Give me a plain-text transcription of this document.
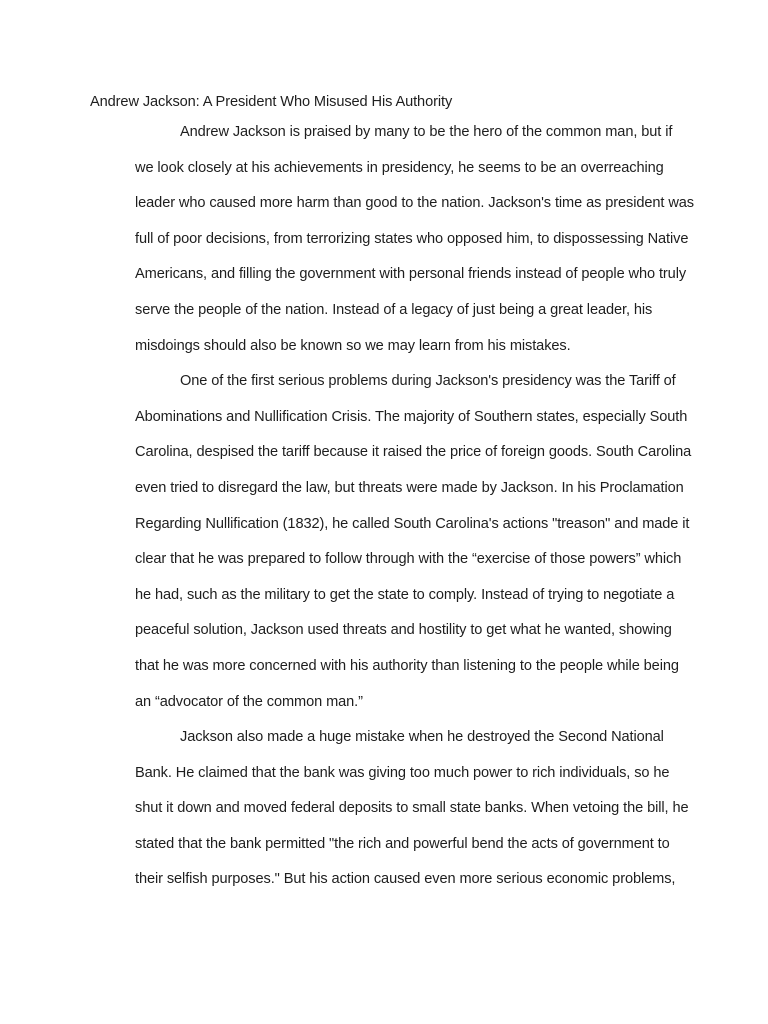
Andrew Jackson: A President Who Misused His Authority
Andrew Jackson is praised by many to be the hero of the common man, but if
we look closely at his achievements in presidency, he seems to be an overreaching
leader who caused more harm than good to the nation. Jackson's time as president was
full of poor decisions, from terrorizing states who opposed him, to dispossessing Native
Americans, and filling the government with personal friends instead of people who truly
serve the people of the nation. Instead of a legacy of just being a great leader, his
misdoings should also be known so we may learn from his mistakes.
One of the first serious problems during Jackson's presidency was the Tariff of
Abominations and Nullification Crisis. The majority of Southern states, especially South
Carolina, despised the tariff because it raised the price of foreign goods. South Carolina
even tried to disregard the law, but threats were made by Jackson. In his Proclamation
Regarding Nullification (1832), he called South Carolina's actions "treason" and made it
clear that he was prepared to follow through with the “exercise of those powers” which
he had, such as the military to get the state to comply. Instead of trying to negotiate a
peaceful solution, Jackson used threats and hostility to get what he wanted, showing
that he was more concerned with his authority than listening to the people while being
an “advocator of the common man.”
Jackson also made a huge mistake when he destroyed the Second National
Bank. He claimed that the bank was giving too much power to rich individuals, so he
shut it down and moved federal deposits to small state banks. When vetoing the bill, he
stated that the bank permitted "the rich and powerful bend the acts of government to
their selfish purposes." But his action caused even more serious economic problems,
